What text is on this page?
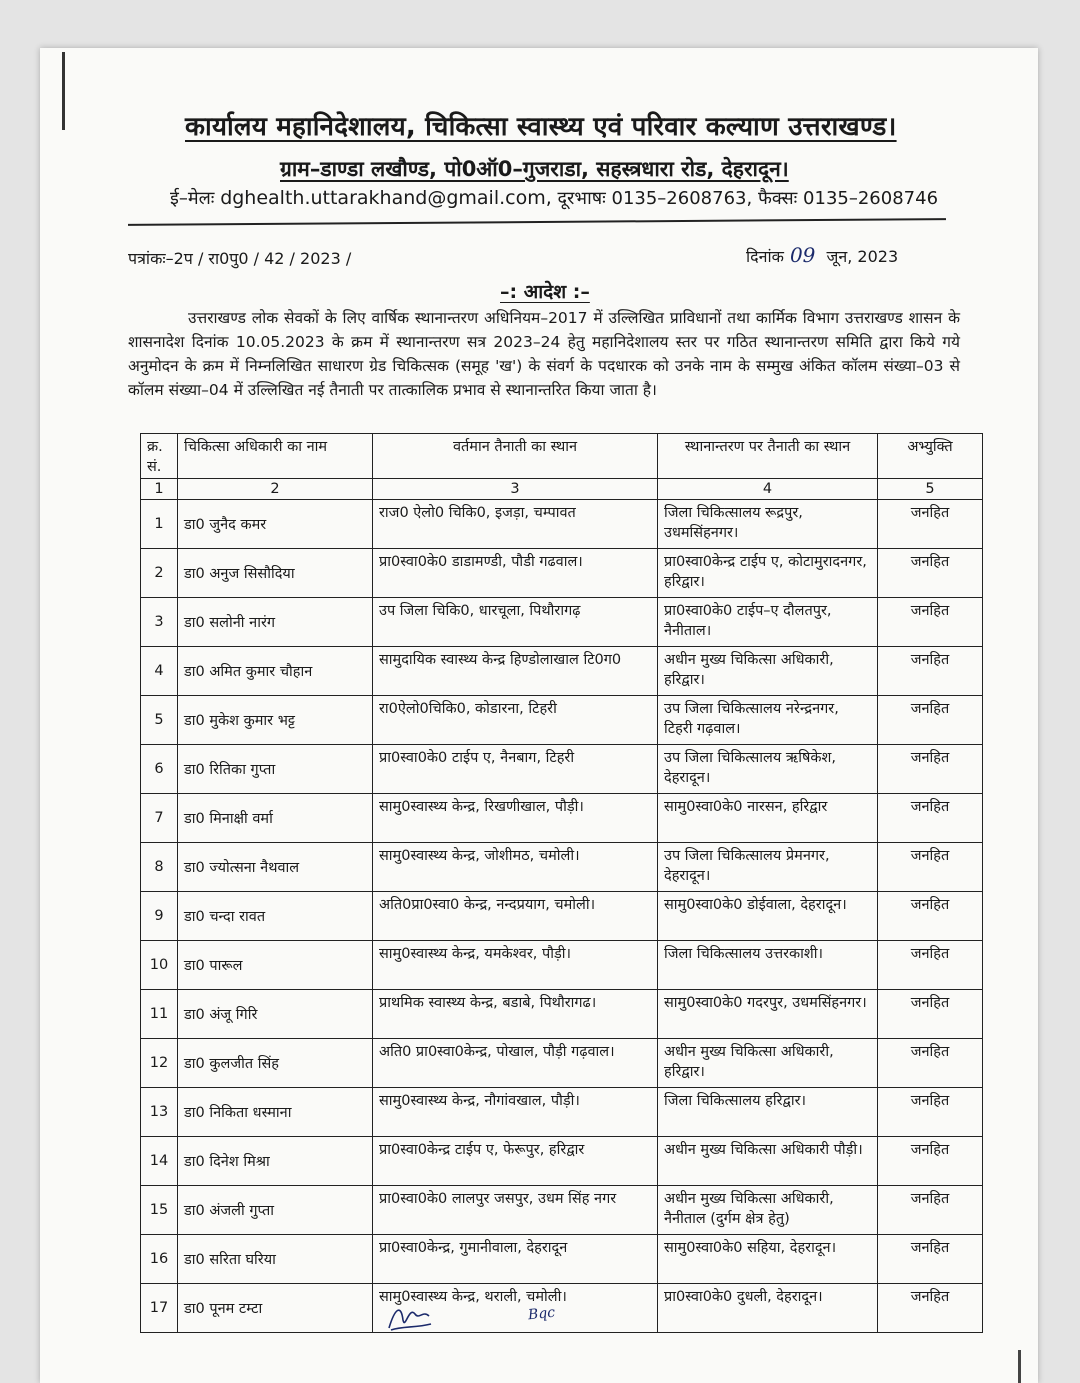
कार्यालय महानिदेशालय, चिकित्सा स्वास्थ्य एवं परिवार कल्याण उत्तराखण्ड।
ग्राम–डाण्डा लखौण्ड, पो0ऑ0–गुजराडा, सहस्त्रधारा रोड, देहरादून।
ई–मेलः dghealth.uttarakhand@gmail.com, दूरभाषः 0135–2608763, फैक्सः 0135–2608746
पत्रांकः–2प / रा0पु0 / 42 / 2023 /	दिनांक 09 जून, 2023
–: आदेश :–
उत्तराखण्ड लोक सेवकों के लिए वार्षिक स्थानान्तरण अधिनियम–2017 में उल्लिखित प्राविधानों तथा कार्मिक विभाग उत्तराखण्ड शासन के शासनादेश दिनांक 10.05.2023 के क्रम में स्थानान्तरण सत्र 2023–24 हेतु महानिदेशालय स्तर पर गठित स्थानान्तरण समिति द्वारा किये गये अनुमोदन के क्रम में निम्नलिखित साधारण ग्रेड चिकित्सक (समूह 'ख') के संवर्ग के पदधारक को उनके नाम के सम्मुख अंकित कॉलम संख्या–03 से कॉलम संख्या–04 में उल्लिखित नई तैनाती पर तात्कालिक प्रभाव से स्थानान्तरित किया जाता है।
क्र. सं.	चिकित्सा अधिकारी का नाम	वर्तमान तैनाती का स्थान	स्थानान्तरण पर तैनाती का स्थान	अभ्युक्ति
1	2	3	4	5
1	डा0 जुनैद कमर	राज0 ऐलो0 चिकि0, इजड़ा, चम्पावत	जिला चिकित्सालय रूद्रपुर, उधमसिंहनगर।	जनहित
2	डा0 अनुज सिसौदिया	प्रा0स्वा0के0 डाडामण्डी, पौडी गढवाल।	प्रा0स्वा0केन्द्र टाईप ए, कोटामुरादनगर, हरिद्वार।	जनहित
3	डा0 सलोनी नारंग	उप जिला चिकि0, धारचूला, पिथौरागढ़	प्रा0स्वा0के0 टाईप–ए दौलतपुर, नैनीताल।	जनहित
4	डा0 अमित कुमार चौहान	सामुदायिक स्वास्थ्य केन्द्र हिण्डोलाखाल टि0ग0	अधीन मुख्य चिकित्सा अधिकारी, हरिद्वार।	जनहित
5	डा0 मुकेश कुमार भट्ट	रा0ऐलो0चिकि0, कोडारना, टिहरी	उप जिला चिकित्सालय नरेन्द्रनगर, टिहरी गढ़वाल।	जनहित
6	डा0 रितिका गुप्ता	प्रा0स्वा0के0 टाईप ए, नैनबाग, टिहरी	उप जिला चिकित्सालय ऋषिकेश, देहरादून।	जनहित
7	डा0 मिनाक्षी वर्मा	सामु0स्वास्थ्य केन्द्र, रिखणीखाल, पौड़ी।	सामु0स्वा0के0 नारसन, हरिद्वार	जनहित
8	डा0 ज्योत्सना नैथवाल	सामु0स्वास्थ्य केन्द्र, जोशीमठ, चमोली।	उप जिला चिकित्सालय प्रेमनगर, देहरादून।	जनहित
9	डा0 चन्दा रावत	अति0प्रा0स्वा0 केन्द्र, नन्दप्रयाग, चमोली।	सामु0स्वा0के0 डोईवाला, देहरादून।	जनहित
10	डा0 पारूल	सामु0स्वास्थ्य केन्द्र, यमकेश्वर, पौड़ी।	जिला चिकित्सालय उत्तरकाशी।	जनहित
11	डा0 अंजू गिरि	प्राथमिक स्वास्थ्य केन्द्र, बडाबे, पिथौरागढ।	सामु0स्वा0के0 गदरपुर, उधमसिंहनगर।	जनहित
12	डा0 कुलजीत सिंह	अति0 प्रा0स्वा0केन्द्र, पोखाल, पौड़ी गढ़वाल।	अधीन मुख्य चिकित्सा अधिकारी, हरिद्वार।	जनहित
13	डा0 निकिता धस्माना	सामु0स्वास्थ्य केन्द्र, नौगांवखाल, पौड़ी।	जिला चिकित्सालय हरिद्वार।	जनहित
14	डा0 दिनेश मिश्रा	प्रा0स्वा0केन्द्र टाईप ए, फेरूपुर, हरिद्वार	अधीन मुख्य चिकित्सा अधिकारी पौड़ी।	जनहित
15	डा0 अंजली गुप्ता	प्रा0स्वा0के0 लालपुर जसपुर, उधम सिंह नगर	अधीन मुख्य चिकित्सा अधिकारी, नैनीताल (दुर्गम क्षेत्र हेतु)	जनहित
16	डा0 सरिता घरिया	प्रा0स्वा0केन्द्र, गुमानीवाला, देहरादून	सामु0स्वा0के0 सहिया, देहरादून।	जनहित
17	डा0 पूनम टम्टा	सामु0स्वास्थ्य केन्द्र, थराली, चमोली।	प्रा0स्वा0के0 दुधली, देहरादून।	जनहित
Bqc
